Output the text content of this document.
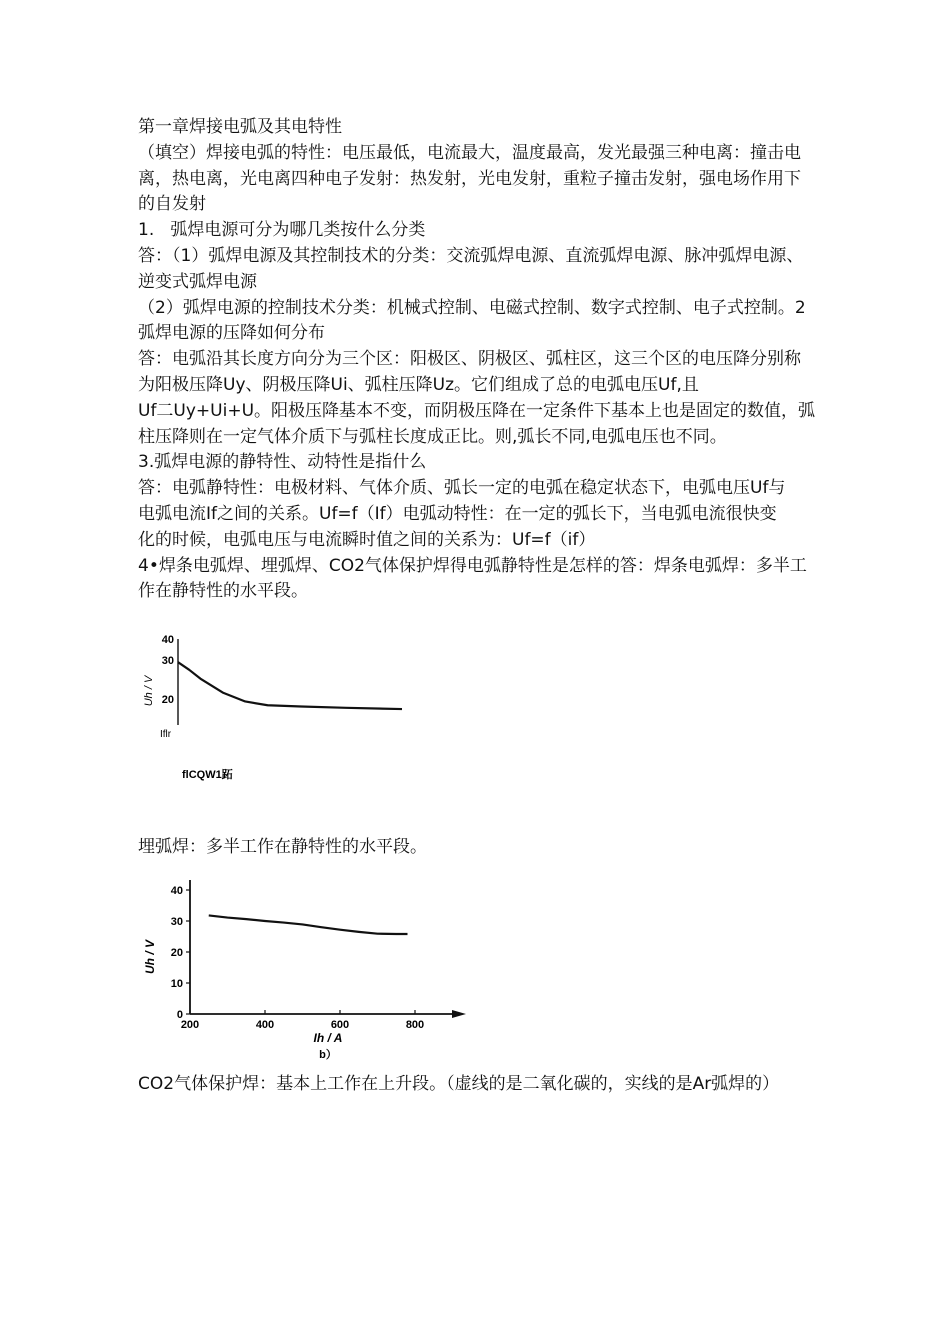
第一章焊接电弧及其电特性

（填空）焊接电弧的特性：电压最低，电流最大，温度最高，发光最强三种电离：撞击电

离，热电离，光电离四种电子发射：热发射，光电发射，重粒子撞击发射，强电场作用下

的自发射

1.   弧焊电源可分为哪几类按什么分类

答：（1）弧焊电源及其控制技术的分类：交流弧焊电源、直流弧焊电源、脉冲弧焊电源、

逆变式弧焊电源

（2）弧焊电源的控制技术分类：机械式控制、电磁式控制、数字式控制、电子式控制。2

弧焊电源的压降如何分布

答：电弧沿其长度方向分为三个区：阳极区、阴极区、弧柱区，这三个区的电压降分别称

为阳极压降Uy、阴极压降Ui、弧柱压降Uz。它们组成了总的电弧电压Uf,且

Uf二Uy+Ui+U。阳极压降基本不变，而阴极压降在一定条件下基本上也是固定的数值，弧

柱压降则在一定气体介质下与弧柱长度成正比。则,弧长不同,电弧电压也不同。

3.弧焊电源的静特性、动特性是指什么

答：电弧静特性：电极材料、气体介质、弧长一定的电弧在稳定状态下，电弧电压Uf与

电弧电流If之间的关系。Uf=f（If）电弧动特性：在一定的弧长下，当电弧电流很快变

化的时候，电弧电压与电流瞬时值之间的关系为：Uf=f（if）

4•焊条电弧焊、埋弧焊、CO2气体保护焊得电弧静特性是怎样的答：焊条电弧焊：多半工

作在静特性的水平段。

40
30
20
Uh / V
Iflr
flCQW1跖
埋弧焊：多半工作在静特性的水平段。
0
10
20
30
40
200	400	600	800
Uh / V
Ih / A
b）
CO2气体保护焊：基本上工作在上升段。（虚线的是二氧化碳的，实线的是Ar弧焊的）
